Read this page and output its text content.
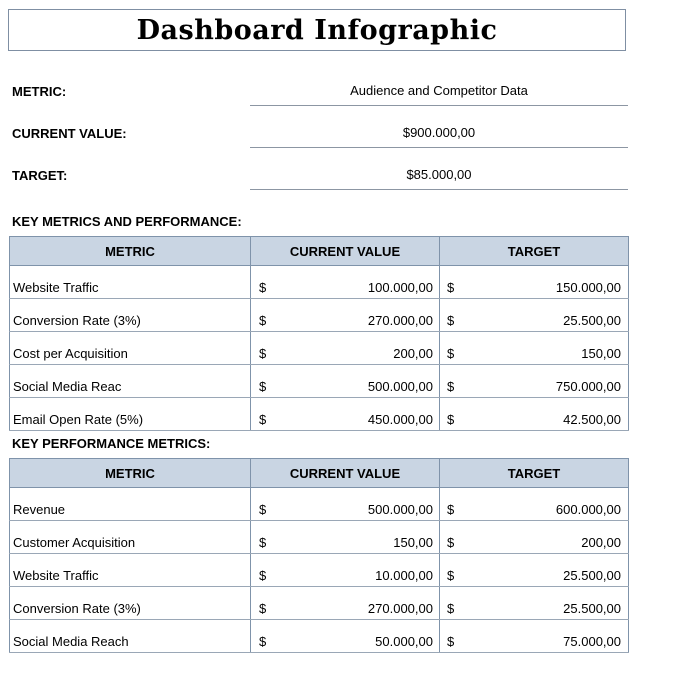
Dashboard Infographic
METRIC:	Audience and Competitor Data
CURRENT VALUE:	$900.000,00
TARGET:	$85.000,00
KEY METRICS AND PERFORMANCE:
METRIC	CURRENT VALUE	TARGET
Website Traffic	$ 100.000,00	$ 150.000,00

Conversion Rate (3%)	$ 270.000,00	$ 25.500,00

Cost per Acquisition	$ 200,00	$ 150,00

Social Media Reac	$ 500.000,00	$ 750.000,00

Email Open Rate (5%)	$ 450.000,00	$ 42.500,00
KEY PERFORMANCE METRICS:
METRIC	CURRENT VALUE	TARGET
Revenue	$ 500.000,00	$ 600.000,00

Customer Acquisition	$ 150,00	$ 200,00

Website Traffic	$ 10.000,00	$ 25.500,00

Conversion Rate (3%)	$ 270.000,00	$ 25.500,00

Social Media Reach	$ 50.000,00	$ 75.000,00
